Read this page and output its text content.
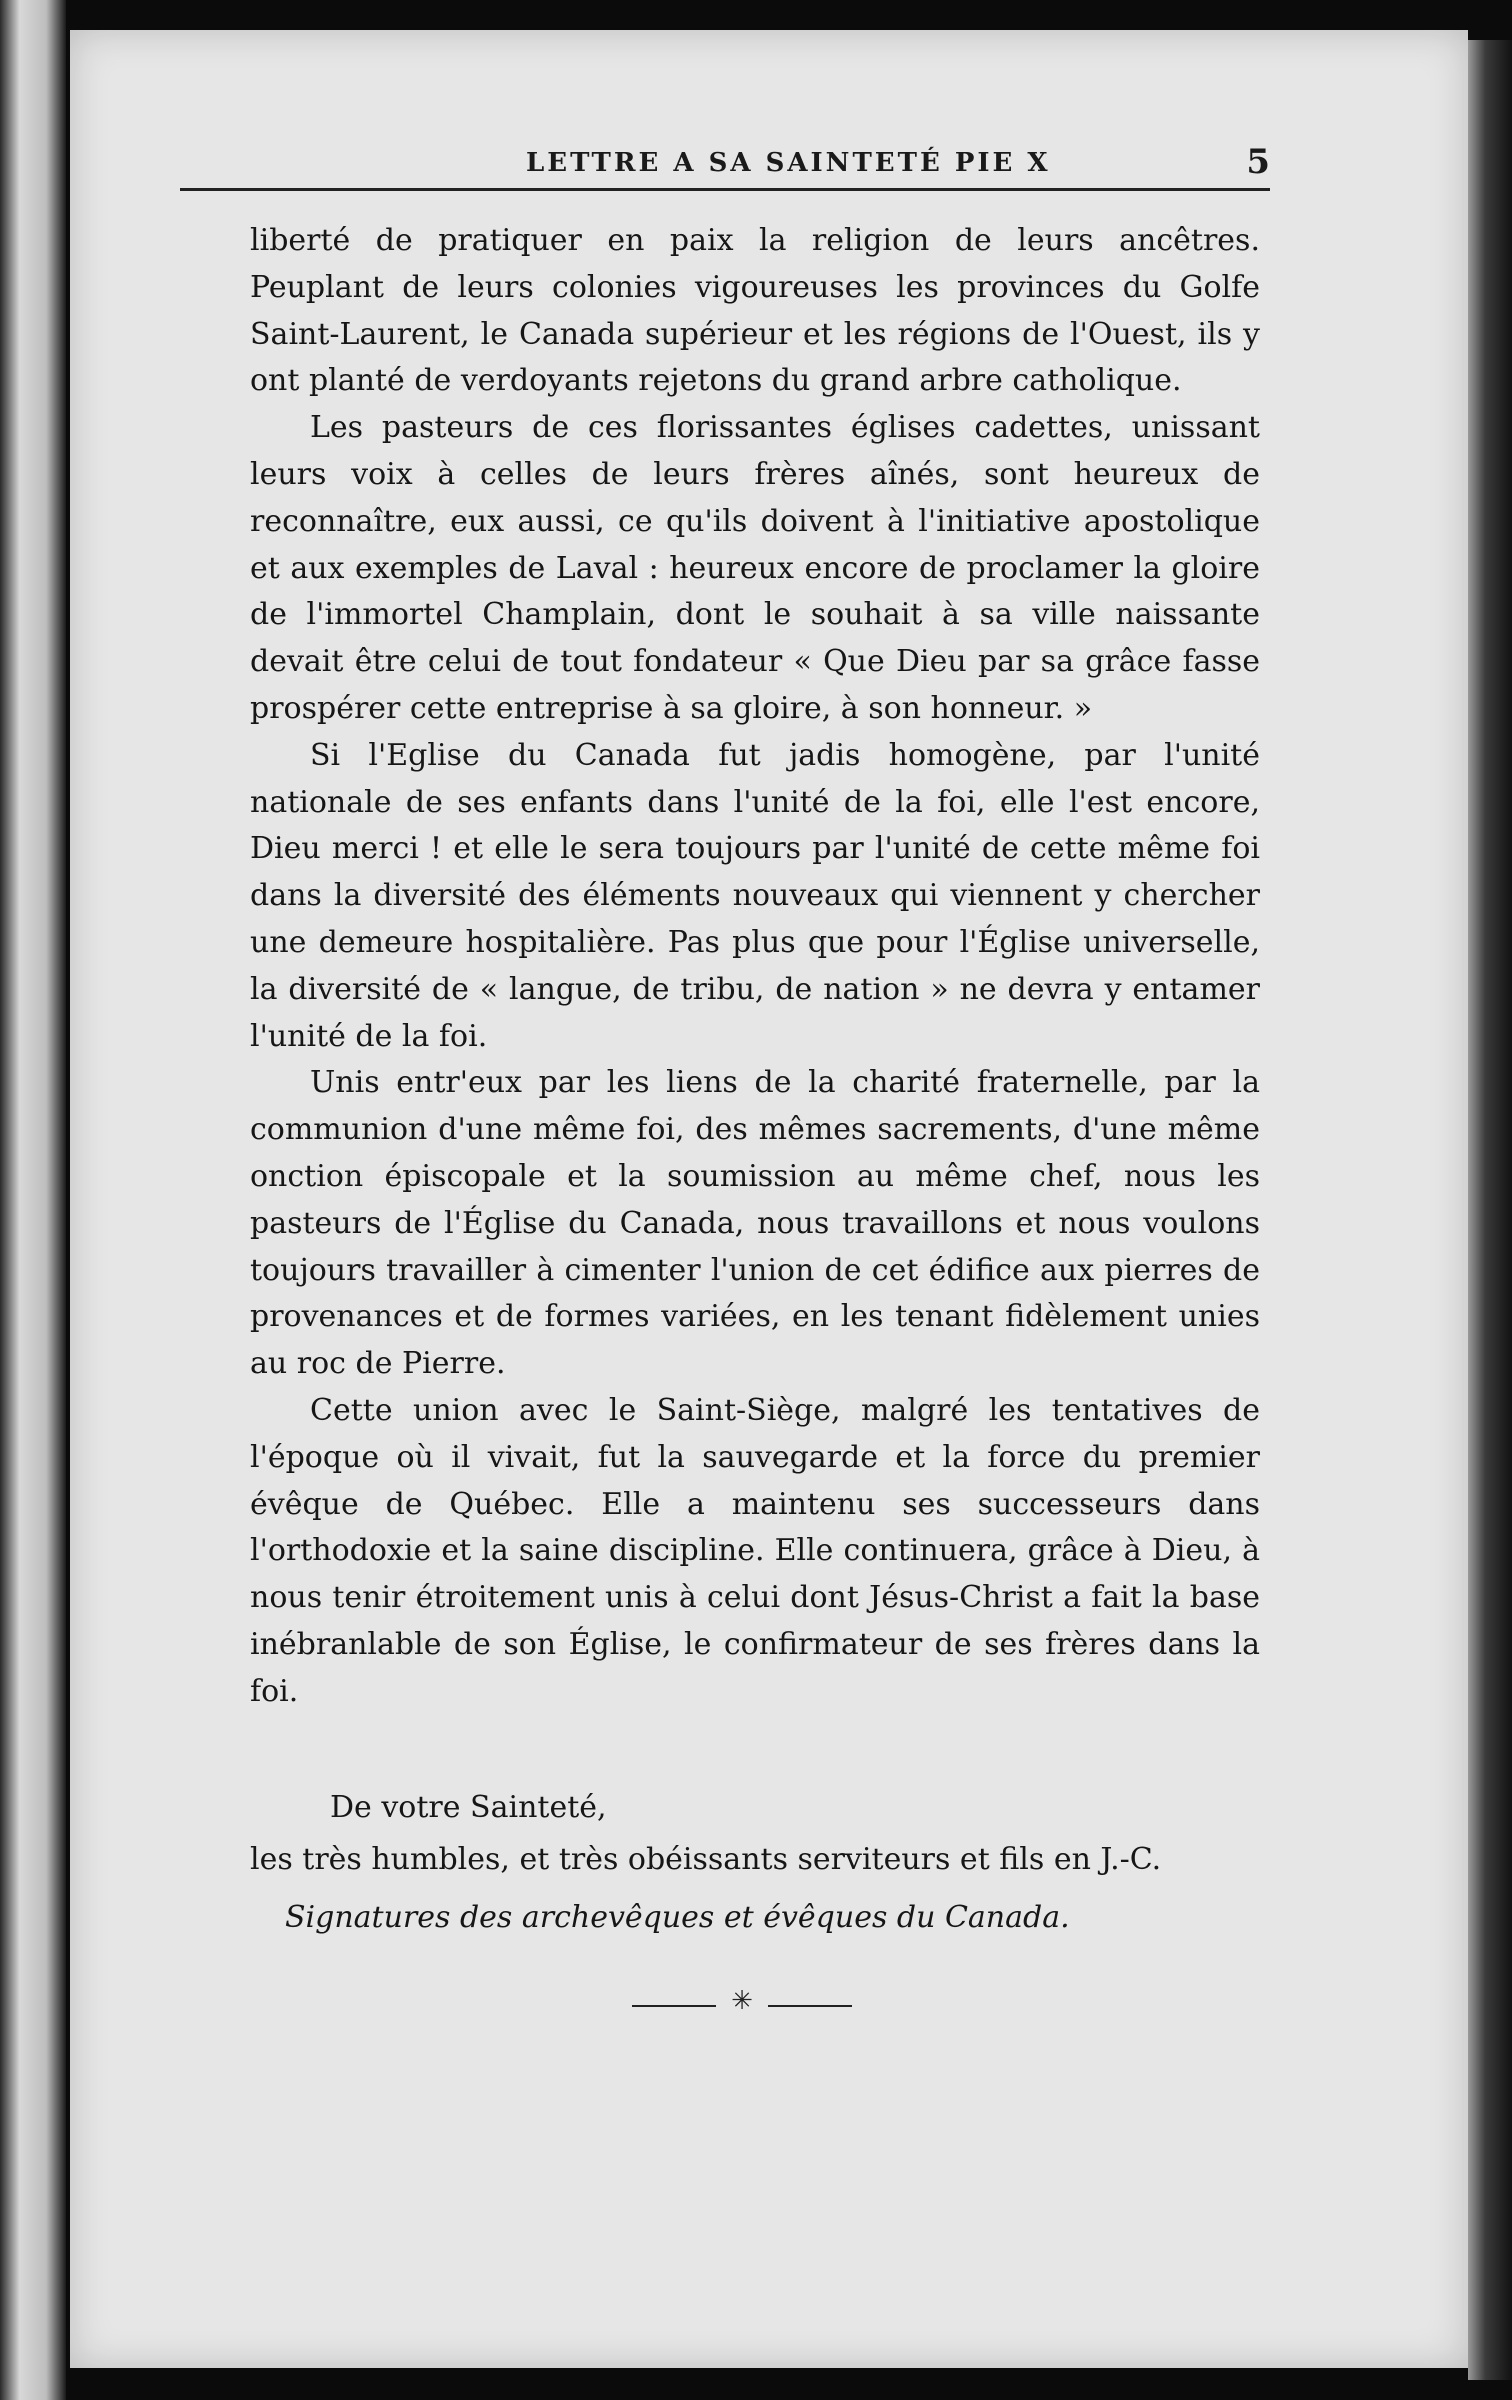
LETTRE A SA SAINTETÉ PIE X	5

liberté de pratiquer en paix la religion de leurs ancêtres. Peuplant de leurs colonies vigoureuses les provinces du Golfe Saint-Laurent, le Canada supérieur et les régions de l'Ouest, ils y ont planté de verdoyants rejetons du grand arbre catholique.

Les pasteurs de ces florissantes églises cadettes, unissant leurs voix à celles de leurs frères aînés, sont heureux de reconnaître, eux aussi, ce qu'ils doivent à l'initiative apostolique et aux exemples de Laval : heureux encore de proclamer la gloire de l'immortel Champlain, dont le souhait à sa ville naissante devait être celui de tout fondateur « Que Dieu par sa grâce fasse prospérer cette entreprise à sa gloire, à son honneur. »

Si l'Eglise du Canada fut jadis homogène, par l'unité nationale de ses enfants dans l'unité de la foi, elle l'est encore, Dieu merci ! et elle le sera toujours par l'unité de cette même foi dans la diversité des éléments nouveaux qui viennent y chercher une demeure hospitalière. Pas plus que pour l'Église universelle, la diversité de « langue, de tribu, de nation » ne devra y entamer l'unité de la foi.

Unis entr'eux par les liens de la charité fraternelle, par la communion d'une même foi, des mêmes sacrements, d'une même onction épiscopale et la soumission au même chef, nous les pasteurs de l'Église du Canada, nous travaillons et nous voulons toujours travailler à cimenter l'union de cet édifice aux pierres de provenances et de formes variées, en les tenant fidèlement unies au roc de Pierre.

Cette union avec le Saint-Siège, malgré les tentatives de l'époque où il vivait, fut la sauvegarde et la force du premier évêque de Québec. Elle a maintenu ses successeurs dans l'orthodoxie et la saine discipline. Elle continuera, grâce à Dieu, à nous tenir étroitement unis à celui dont Jésus-Christ a fait la base inébranlable de son Église, le confirmateur de ses frères dans la foi.

De votre Sainteté,
les très humbles, et très obéissants serviteurs et fils en J.-C.
Signatures des archevêques et évêques du Canada.
✳
